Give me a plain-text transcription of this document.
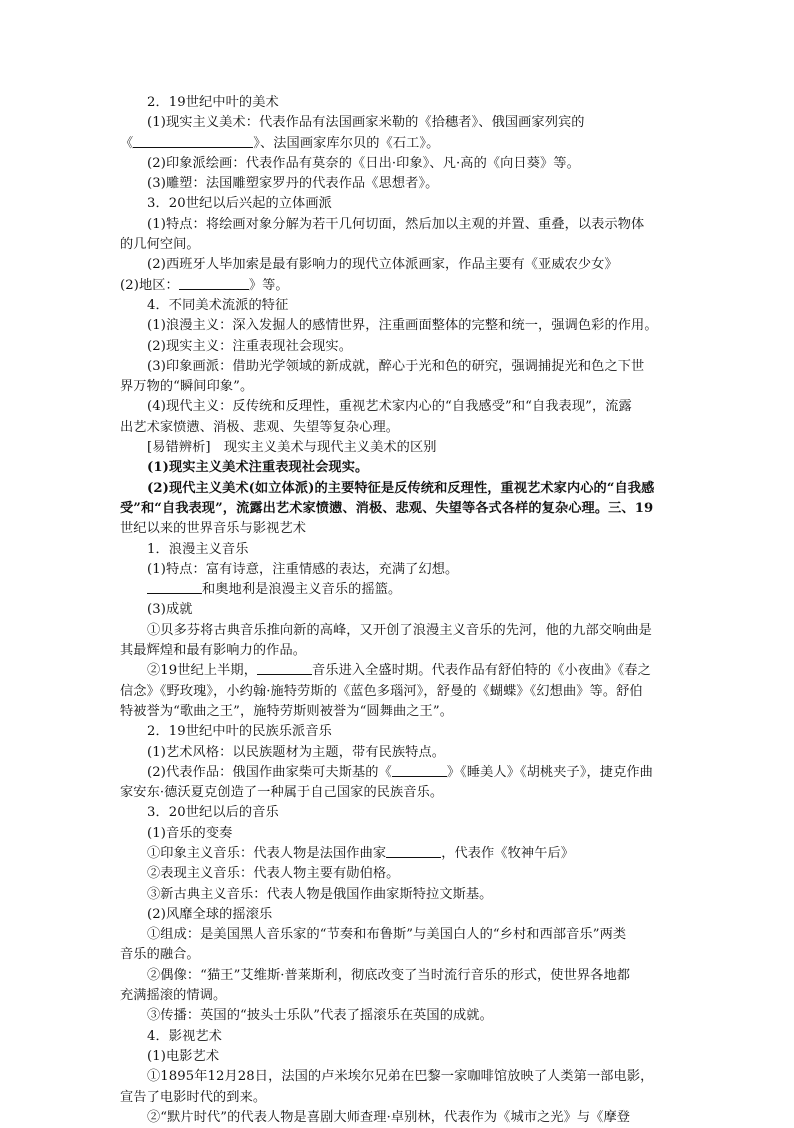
2．19世纪中叶的美术
(1)现实主义美术：代表作品有法国画家米勒的《拾穗者》、俄国画家列宾的
《	》、法国画家库尔贝的《石工》。
(2)印象派绘画：代表作品有莫奈的《日出·印象》、凡·高的《向日葵》等。
(3)雕塑：法国雕塑家罗丹的代表作品《思想者》。
3．20世纪以后兴起的立体画派
(1)特点：将绘画对象分解为若干几何切面，然后加以主观的并置、重叠，以表示物体
的几何空间。
(2)西班牙人毕加索是最有影响力的现代立体派画家，作品主要有《亚威农少女》
(2)地区：	》等。
4．不同美术流派的特征
(1)浪漫主义：深入发掘人的感情世界，注重画面整体的完整和统一，强调色彩的作用。
(2)现实主义：注重表现社会现实。
(3)印象画派：借助光学领域的新成就，醉心于光和色的研究，强调捕捉光和色之下世
界万物的“瞬间印象”。
(4)现代主义：反传统和反理性，重视艺术家内心的“自我感受”和“自我表现”，流露
出艺术家愤懑、消极、悲观、失望等复杂心理。
[易错辨析]　现实主义美术与现代主义美术的区别
(1)现实主义美术注重表现社会现实。
(2)现代主义美术(如立体派)的主要特征是反传统和反理性，重视艺术家内心的“自我感
受”和“自我表现”，流露出艺术家愤懑、消极、悲观、失望等各式各样的复杂心理。三、19
世纪以来的世界音乐与影视艺术
1．浪漫主义音乐
(1)特点：富有诗意，注重情感的表达，充满了幻想。
和奥地利是浪漫主义音乐的摇篮。
(3)成就
①贝多芬将古典音乐推向新的高峰，又开创了浪漫主义音乐的先河，他的九部交响曲是
其最辉煌和最有影响力的作品。
②19世纪上半期，	音乐进入全盛时期。代表作品有舒伯特的《小夜曲》《春之
信念》《野玫瑰》，小约翰·施特劳斯的《蓝色多瑙河》，舒曼的《蝴蝶》《幻想曲》等。舒伯
特被誉为“歌曲之王”，施特劳斯则被誉为“圆舞曲之王”。
2．19世纪中叶的民族乐派音乐
(1)艺术风格：以民族题材为主题，带有民族特点。
(2)代表作品：俄国作曲家柴可夫斯基的《	》《睡美人》《胡桃夹子》，捷克作曲
家安东·德沃夏克创造了一种属于自己国家的民族音乐。
3．20世纪以后的音乐
(1)音乐的变奏
①印象主义音乐：代表人物是法国作曲家	，代表作《牧神午后》
②表现主义音乐：代表人物主要有勋伯格。
③新古典主义音乐：代表人物是俄国作曲家斯特拉文斯基。
(2)风靡全球的摇滚乐
①组成：是美国黑人音乐家的“节奏和布鲁斯”与美国白人的“乡村和西部音乐”两类
音乐的融合。
②偶像：“猫王”艾维斯·普莱斯利，彻底改变了当时流行音乐的形式，使世界各地都
充满摇滚的情调。
③传播：英国的“披头士乐队”代表了摇滚乐在英国的成就。
4．影视艺术
(1)电影艺术
①1895年12月28日，法国的卢米埃尔兄弟在巴黎一家咖啡馆放映了人类第一部电影，
宣告了电影时代的到来。
②“默片时代”的代表人物是喜剧大师查理·卓别林，代表作为《城市之光》与《摩登
